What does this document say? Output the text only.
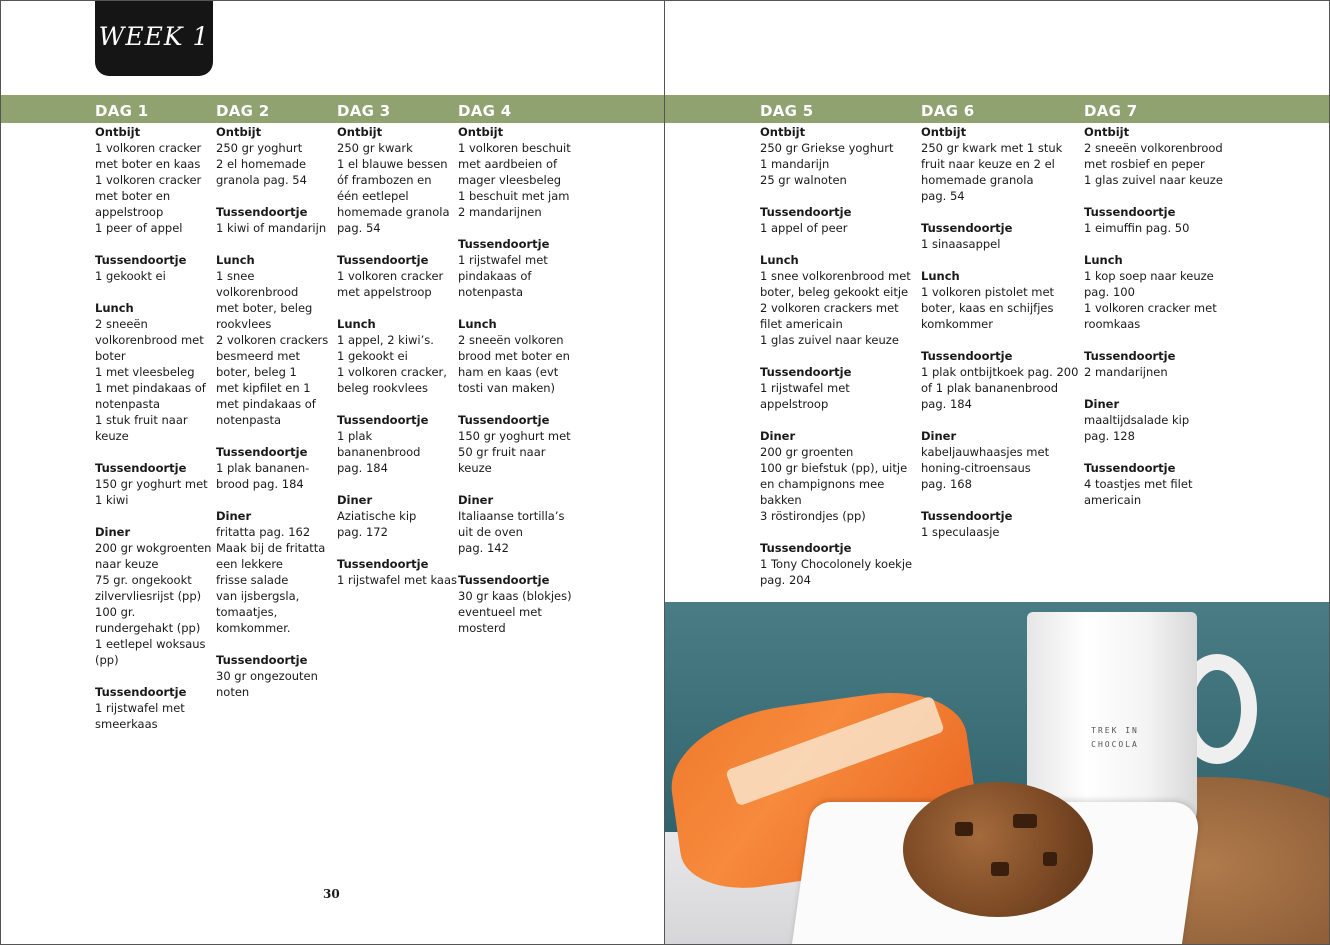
WEEK 1
DAG 1
Ontbijt
1 volkoren cracker
met boter en kaas
1 volkoren cracker
met boter en
appelstroop
1 peer of appel
Tussendoortje
1 gekookt ei
Lunch
2 sneeën
volkorenbrood met
boter
1 met vleesbeleg
1 met pindakaas of
notenpasta
1 stuk fruit naar
keuze
Tussendoortje
150 gr yoghurt met
1 kiwi
Diner
200 gr wokgroenten
naar keuze
75 gr. ongekookt
zilvervliesrijst (pp)
100 gr.
rundergehakt (pp)
1 eetlepel woksaus
(pp)
Tussendoortje
1 rijstwafel met
smeerkaas
DAG 2
Ontbijt
250 gr yoghurt
2 el homemade
granola pag. 54
Tussendoortje
1 kiwi of mandarijn
Lunch
1 snee
volkorenbrood
met boter, beleg
rookvlees
2 volkoren crackers
besmeerd met
boter, beleg 1
met kipfilet en 1
met pindakaas of
notenpasta
Tussendoortje
1 plak bananen-
brood pag. 184
Diner
fritatta pag. 162
Maak bij de fritatta
een lekkere
frisse salade
van ijsbergsla,
tomaatjes,
komkommer.
Tussendoortje
30 gr ongezouten
noten
DAG 3
Ontbijt
250 gr kwark
1 el blauwe bessen
óf frambozen en
één eetlepel
homemade granola
pag. 54
Tussendoortje
1 volkoren cracker
met appelstroop
Lunch
1 appel, 2 kiwi’s.
1 gekookt ei
1 volkoren cracker,
beleg rookvlees
Tussendoortje
1 plak bananenbrood
pag. 184
Diner
Aziatische kip
pag. 172
Tussendoortje
1 rijstwafel met kaas
DAG 4
Ontbijt
1 volkoren beschuit
met aardbeien of
mager vleesbeleg
1 beschuit met jam
2 mandarijnen
Tussendoortje
1 rijstwafel met
pindakaas of
notenpasta
Lunch
2 sneeën volkoren
brood met boter en
ham en kaas (evt
tosti van maken)
Tussendoortje
150 gr yoghurt met
50 gr fruit naar
keuze
Diner
Italiaanse tortilla’s
uit de oven
pag. 142
Tussendoortje
30 gr kaas (blokjes)
eventueel met
mosterd
30
DAG 5
Ontbijt
250 gr Griekse yoghurt
1 mandarijn
25 gr walnoten
Tussendoortje
1 appel of peer
Lunch
1 snee volkorenbrood met
boter, beleg gekookt eitje
2 volkoren crackers met
filet americain
1 glas zuivel naar keuze
Tussendoortje
1 rijstwafel met
appelstroop
Diner
200 gr groenten
100 gr biefstuk (pp), uitje
en champignons mee
bakken
3 röstirondjes (pp)
Tussendoortje
1 Tony Chocolonely koekje
pag. 204
DAG 6
Ontbijt
250 gr kwark met 1 stuk
fruit naar keuze en 2 el
homemade granola
pag. 54
Tussendoortje
1 sinaasappel
Lunch
1 volkoren pistolet met
boter, kaas en schijfjes
komkommer
Tussendoortje
1 plak ontbijtkoek pag. 200
of 1 plak bananenbrood
pag. 184
Diner
kabeljauwhaasjes met
honing-citroensaus
pag. 168
Tussendoortje
1 speculaasje
DAG 7
Ontbijt
2 sneeën volkorenbrood
met rosbief en peper
1 glas zuivel naar keuze
Tussendoortje
1 eimuffin pag. 50
Lunch
1 kop soep naar keuze
pag. 100
1 volkoren cracker met
roomkaas
Tussendoortje
2 mandarijnen
Diner
maaltijdsalade kip
pag. 128
Tussendoortje
4 toastjes met filet
americain
TREK IN
CHOCOLA
